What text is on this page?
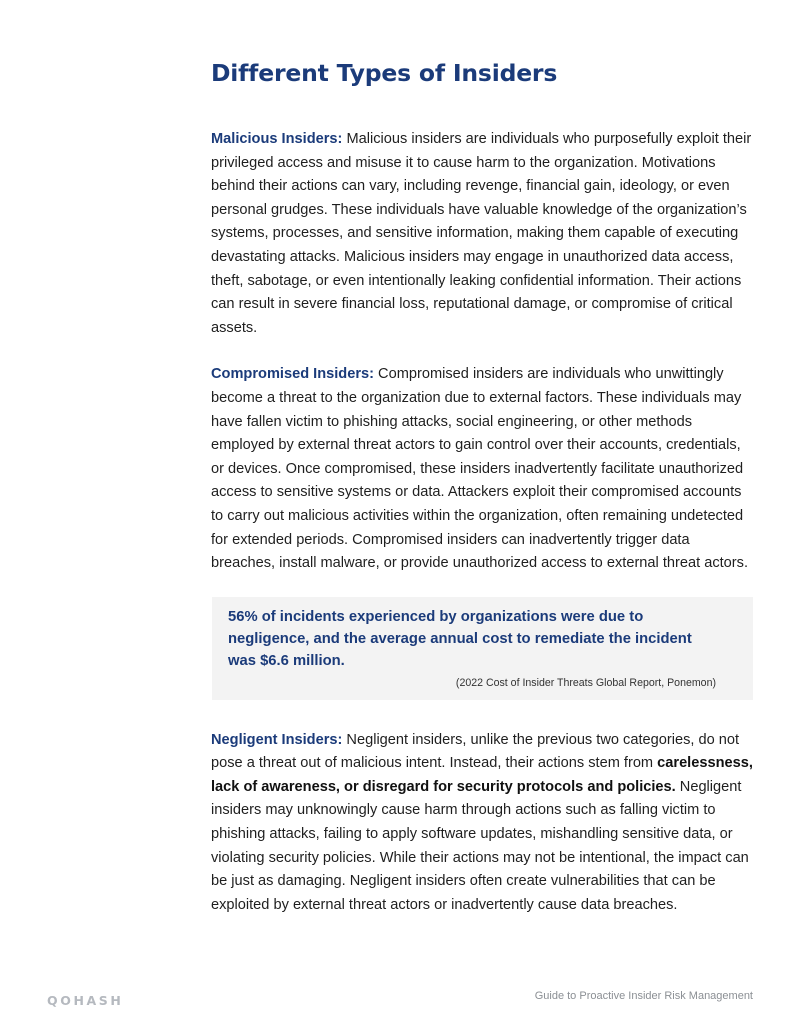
Different Types of Insiders

Malicious Insiders: Malicious insiders are individuals who purposefully exploit their privileged access and misuse it to cause harm to the organization. Motivations behind their actions can vary, including revenge, financial gain, ideology, or even personal grudges. These individuals have valuable knowledge of the organization’s systems, processes, and sensitive information, making them capable of executing devastating attacks. Malicious insiders may engage in unauthorized data access, theft, sabotage, or even intentionally leaking confidential information. Their actions can result in severe financial loss, reputational damage, or compromise of critical assets.

Compromised Insiders: Compromised insiders are individuals who unwittingly become a threat to the organization due to external factors. These individuals may have fallen victim to phishing attacks, social engineering, or other methods employed by external threat actors to gain control over their accounts, credentials, or devices. Once compromised, these insiders inadvertently facilitate unauthorized access to sensitive systems or data. Attackers exploit their compromised accounts to carry out malicious activities within the organization, often remaining undetected for extended periods. Compromised insiders can inadvertently trigger data breaches, install malware, or provide unauthorized access to external threat actors.

56% of incidents experienced by organizations were due to negligence, and the average annual cost to remediate the incident was $6.6 million.

(2022 Cost of Insider Threats Global Report, Ponemon)

Negligent Insiders: Negligent insiders, unlike the previous two categories, do not pose a threat out of malicious intent. Instead, their actions stem from carelessness, lack of awareness, or disregard for security protocols and policies. Negligent insiders may unknowingly cause harm through actions such as falling victim to phishing attacks, failing to apply software updates, mishandling sensitive data, or violating security policies. While their actions may not be intentional, the impact can be just as damaging. Negligent insiders often create vulnerabilities that can be exploited by external threat actors or inadvertently cause data breaches.

QOHASH	Guide to Proactive Insider Risk Management
